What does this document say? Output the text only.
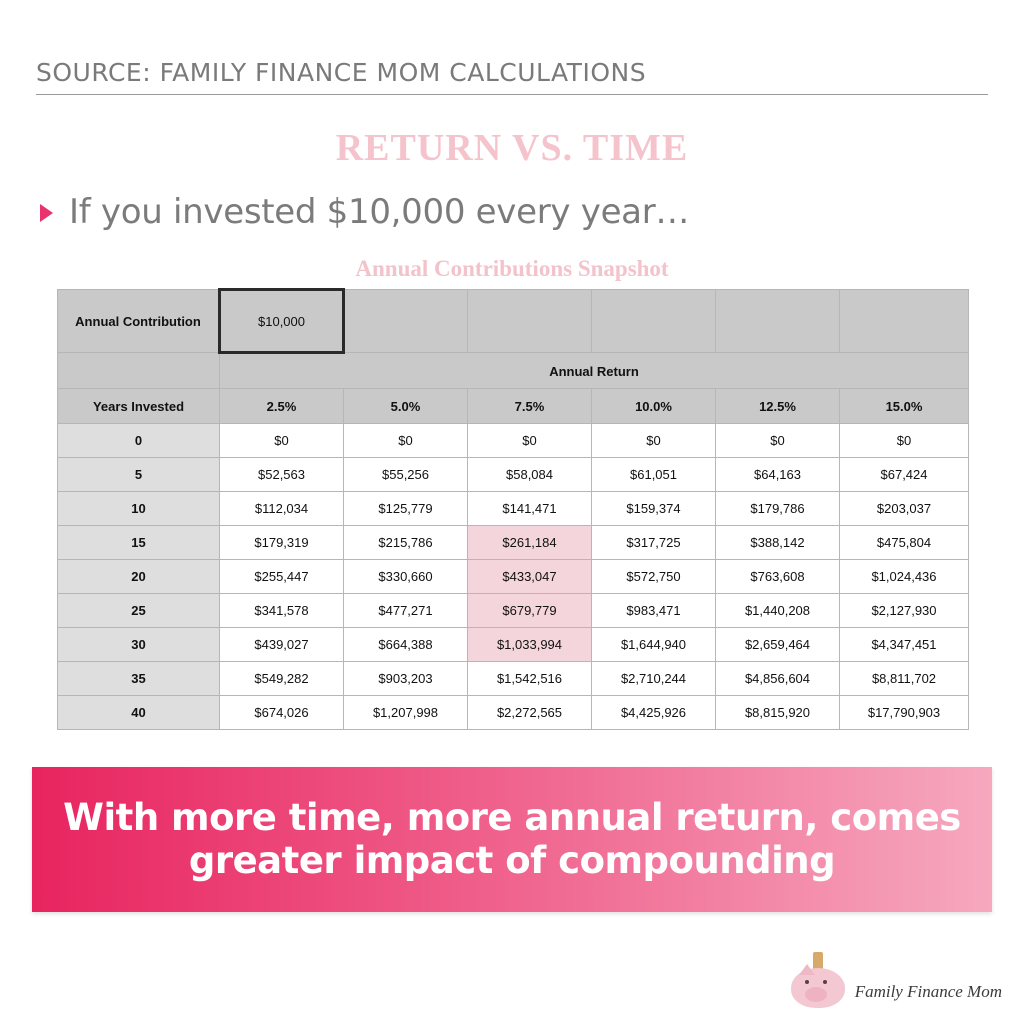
SOURCE: FAMILY FINANCE MOM CALCULATIONS
RETURN VS. TIME
If you invested $10,000 every year…
Annual Contributions Snapshot
Annual Contribution	$10,000					
	Annual Return					
Years Invested	2.5%	5.0%	7.5%	10.0%	12.5%	15.0%
0	$0	$0	$0	$0	$0	$0
5	$52,563	$55,256	$58,084	$61,051	$64,163	$67,424
10	$112,034	$125,779	$141,471	$159,374	$179,786	$203,037
15	$179,319	$215,786	$261,184	$317,725	$388,142	$475,804
20	$255,447	$330,660	$433,047	$572,750	$763,608	$1,024,436
25	$341,578	$477,271	$679,779	$983,471	$1,440,208	$2,127,930
30	$439,027	$664,388	$1,033,994	$1,644,940	$2,659,464	$4,347,451
35	$549,282	$903,203	$1,542,516	$2,710,244	$4,856,604	$8,811,702
40	$674,026	$1,207,998	$2,272,565	$4,425,926	$8,815,920	$17,790,903
With more time, more annual return, comes
greater impact of compounding
Family Finance Mom
